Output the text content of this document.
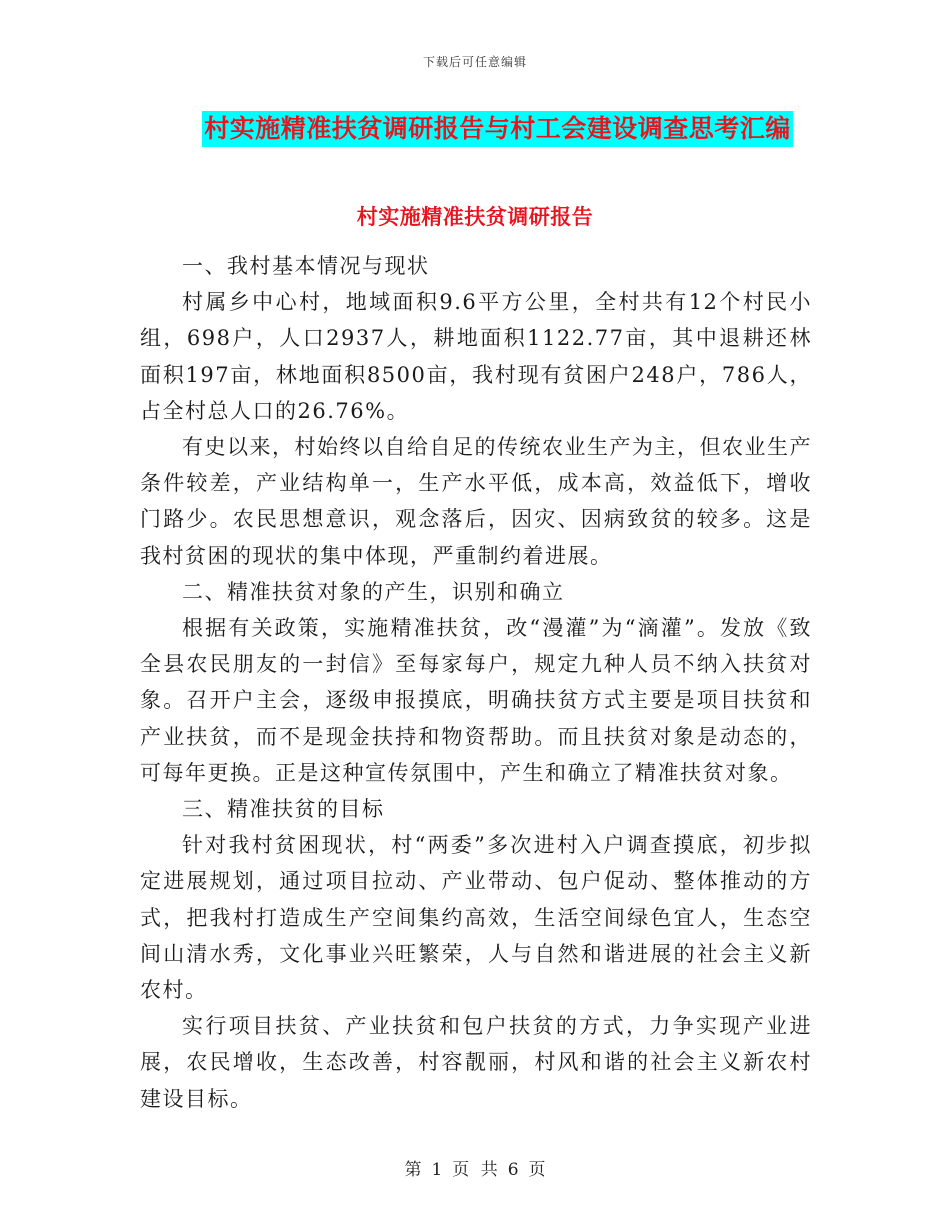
下载后可任意编辑
村实施精准扶贫调研报告与村工会建设调查思考汇编
村实施精准扶贫调研报告

一、我村基本情况与现状

村属乡中心村，地域面积9.6平方公里，全村共有12个村民小组，698户，人口2937人，耕地面积1122.77亩，其中退耕还林面积197亩，林地面积8500亩，我村现有贫困户248户，786人，占全村总人口的26.76%。

有史以来，村始终以自给自足的传统农业生产为主，但农业生产条件较差，产业结构单一，生产水平低，成本高，效益低下，增收门路少。农民思想意识，观念落后，因灾、因病致贫的较多。这是我村贫困的现状的集中体现，严重制约着进展。

二、精准扶贫对象的产生，识别和确立

根据有关政策，实施精准扶贫，改“漫灌”为“滴灌”。发放《致全县农民朋友的一封信》至每家每户，规定九种人员不纳入扶贫对象。召开户主会，逐级申报摸底，明确扶贫方式主要是项目扶贫和产业扶贫，而不是现金扶持和物资帮助。而且扶贫对象是动态的，可每年更换。正是这种宣传氛围中，产生和确立了精准扶贫对象。

三、精准扶贫的目标

针对我村贫困现状，村“两委”多次进村入户调查摸底，初步拟定进展规划，通过项目拉动、产业带动、包户促动、整体推动的方式，把我村打造成生产空间集约高效，生活空间绿色宜人，生态空间山清水秀，文化事业兴旺繁荣，人与自然和谐进展的社会主义新农村。

实行项目扶贫、产业扶贫和包户扶贫的方式，力争实现产业进展，农民增收，生态改善，村容靓丽，村风和谐的社会主义新农村建设目标。

第 1 页 共 6 页
